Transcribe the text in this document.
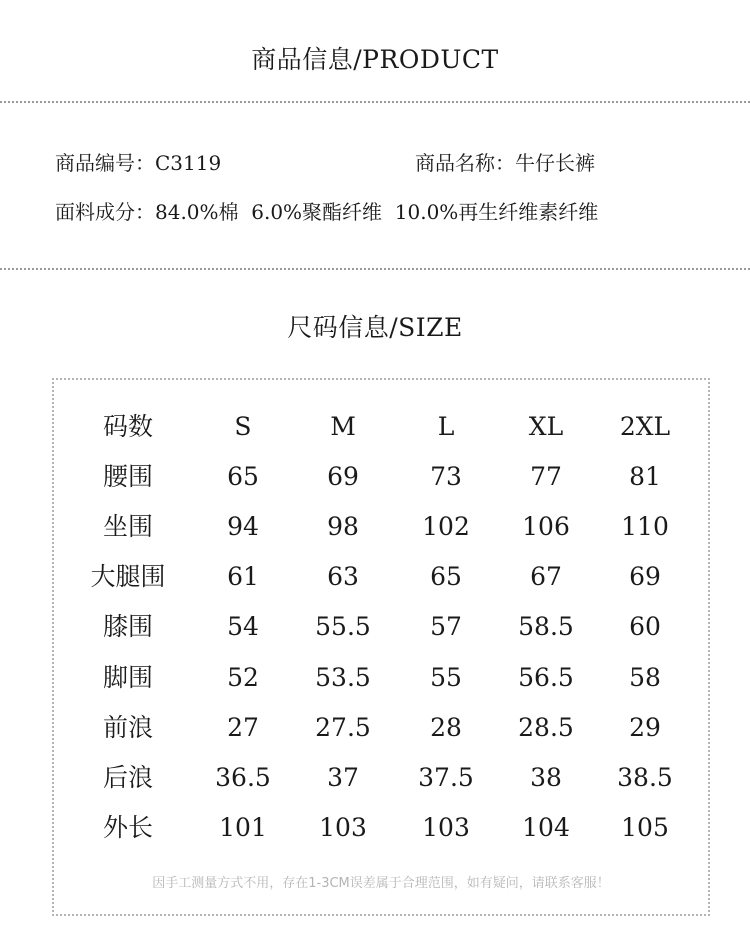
商品信息/PRODUCT
商品编号：C3119	商品名称：牛仔长裤
面料成分：84.0%棉  6.0%聚酯纤维  10.0%再生纤维素纤维
尺码信息/SIZE
码数	S	M	L	XL	2XL
腰围	65	69	73	77	81
坐围	94	98	102	106	110
大腿围	61	63	65	67	69
膝围	54	55.5	57	58.5	60
脚围	52	53.5	55	56.5	58
前浪	27	27.5	28	28.5	29
后浪	36.5	37	37.5	38	38.5
外长	101	103	103	104	105
因手工测量方式不用，存在1-3CM误差属于合理范围，如有疑问，请联系客服！
